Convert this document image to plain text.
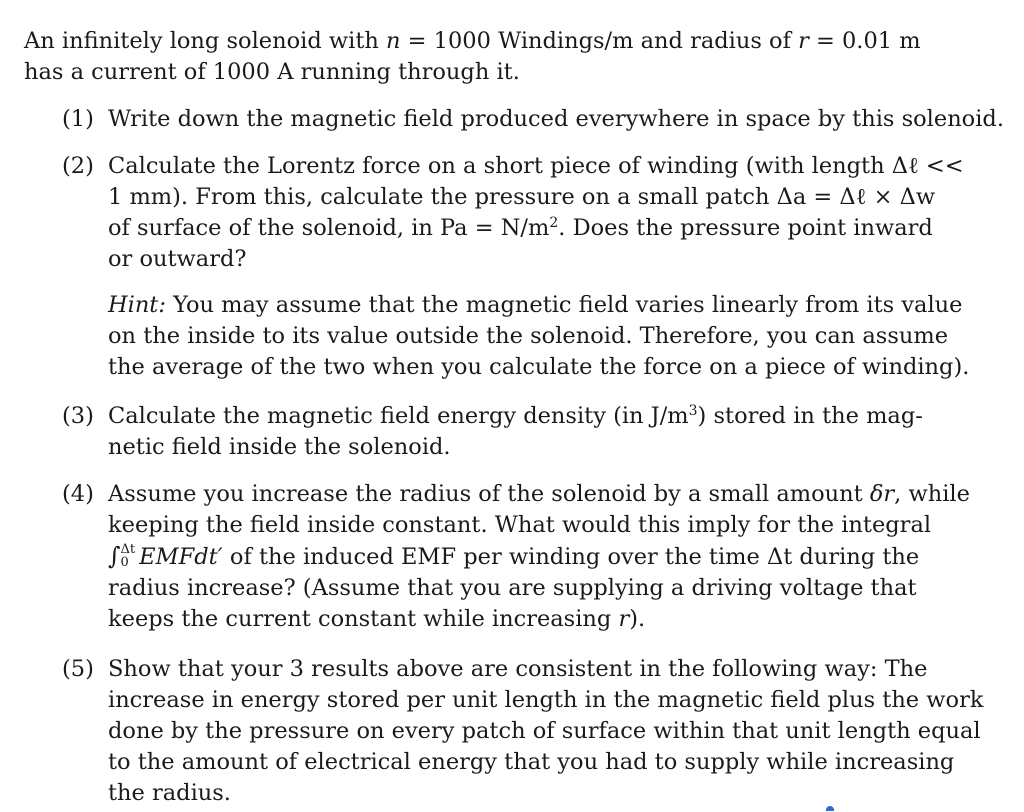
An infinitely long solenoid with n = 1000 Windings/m and radius of r = 0.01 m
has a current of 1000 A running through it.
(1) Write down the magnetic field produced everywhere in space by this solenoid.
(2) Calculate the Lorentz force on a short piece of winding (with length Δℓ <<
1 mm). From this, calculate the pressure on a small patch Δa = Δℓ × Δw
of surface of the solenoid, in $Pa = N/m^2$. Does the pressure point inward
or outward?
Hint: You may assume that the magnetic field varies linearly from its value
on the inside to its value outside the solenoid. Therefore, you can assume
the average of the two when you calculate the force on a piece of winding).
(3) Calculate the magnetic field energy density (in $J/m^3$) stored in the mag-
netic field inside the solenoid.
(4) Assume you increase the radius of the solenoid by a small amount δr, while
keeping the field inside constant. What would this imply for the integral
∫ Δt
0 EMFdt′ of the induced EMF per winding over the time Δt during the
radius increase? (Assume that you are supplying a driving voltage that
keeps the current constant while increasing r).
(5) Show that your 3 results above are consistent in the following way: The
increase in energy stored per unit length in the magnetic field plus the work
done by the pressure on every patch of surface within that unit length equal
to the amount of electrical energy that you had to supply while increasing
the radius.
